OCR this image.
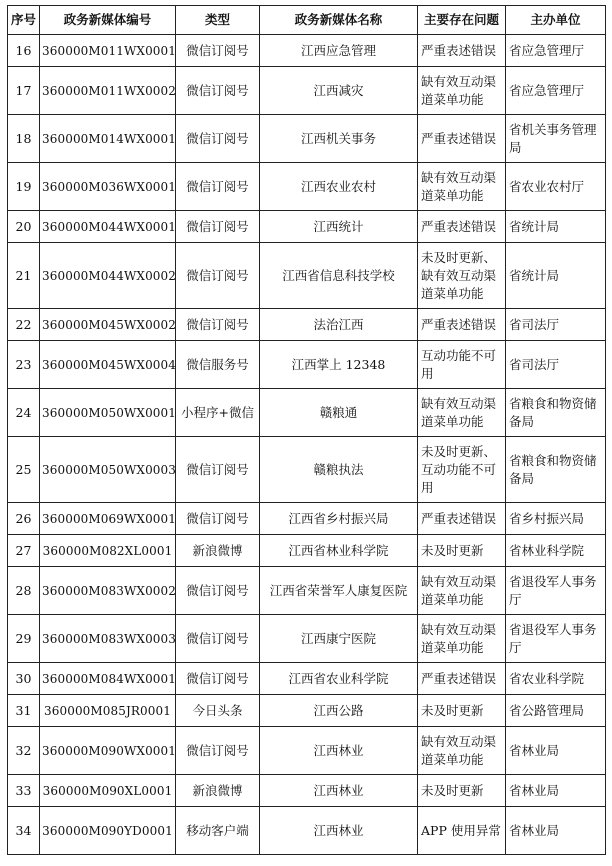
序号	政务新媒体编号	类型	政务新媒体名称	主要存在问题	主办单位
16	360000M011WX0001	微信订阅号	江西应急管理	严重表述错误	省应急管理厅
17	360000M011WX0002	微信订阅号	江西减灾	缺有效互动渠道菜单功能	省应急管理厅
18	360000M014WX0001	微信订阅号	江西机关事务	严重表述错误	省机关事务管理局
19	360000M036WX0001	微信订阅号	江西农业农村	缺有效互动渠道菜单功能	省农业农村厅
20	360000M044WX0001	微信订阅号	江西统计	严重表述错误	省统计局
21	360000M044WX0002	微信订阅号	江西省信息科技学校	未及时更新、缺有效互动渠道菜单功能	省统计局
22	360000M045WX0002	微信订阅号	法治江西	严重表述错误	省司法厅
23	360000M045WX0004	微信服务号	江西掌上 12348	互动功能不可用	省司法厅
24	360000M050WX0001	小程序+微信	赣粮通	缺有效互动渠道菜单功能	省粮食和物资储备局
25	360000M050WX0003	微信订阅号	赣粮执法	未及时更新、互动功能不可用	省粮食和物资储备局
26	360000M069WX0001	微信订阅号	江西省乡村振兴局	严重表述错误	省乡村振兴局
27	360000M082XL0001	新浪微博	江西省林业科学院	未及时更新	省林业科学院
28	360000M083WX0002	微信订阅号	江西省荣誉军人康复医院	缺有效互动渠道菜单功能	省退役军人事务厅
29	360000M083WX0003	微信订阅号	江西康宁医院	缺有效互动渠道菜单功能	省退役军人事务厅
30	360000M084WX0001	微信订阅号	江西省农业科学院	严重表述错误	省农业科学院
31	360000M085JR0001	今日头条	江西公路	未及时更新	省公路管理局
32	360000M090WX0001	微信订阅号	江西林业	缺有效互动渠道菜单功能	省林业局
33	360000M090XL0001	新浪微博	江西林业	未及时更新	省林业局
34	360000M090YD0001	移动客户端	江西林业	APP 使用异常	省林业局
